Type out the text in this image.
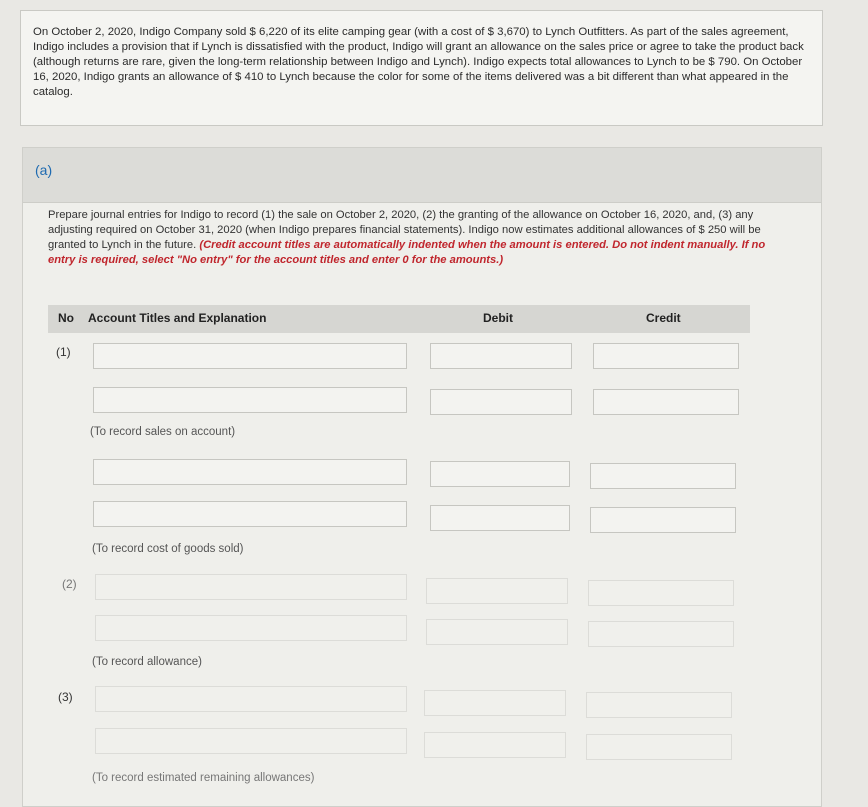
On October 2, 2020, Indigo Company sold $ 6,220 of its elite camping gear (with a cost of $ 3,670) to Lynch Outfitters. As part of the sales agreement, Indigo includes a provision that if Lynch is dissatisfied with the product, Indigo will grant an allowance on the sales price or agree to take the product back (although returns are rare, given the long-term relationship between Indigo and Lynch). Indigo expects total allowances to Lynch to be $ 790. On October 16, 2020, Indigo grants an allowance of $ 410 to Lynch because the color for some of the items delivered was a bit different than what appeared in the catalog.
(a)
Prepare journal entries for Indigo to record (1) the sale on October 2, 2020, (2) the granting of the allowance on October 16, 2020, and, (3) any adjusting required on October 31, 2020 (when Indigo prepares financial statements). Indigo now estimates additional allowances of $ 250 will be granted to Lynch in the future. (Credit account titles are automatically indented when the amount is entered. Do not indent manually. If no entry is required, select "No entry" for the account titles and enter 0 for the amounts.)
No Account Titles and Explanation	Debit	Credit
(1)
(To record sales on account)
(To record cost of goods sold)
(2)
(To record allowance)
(3)
(To record estimated remaining allowances)
